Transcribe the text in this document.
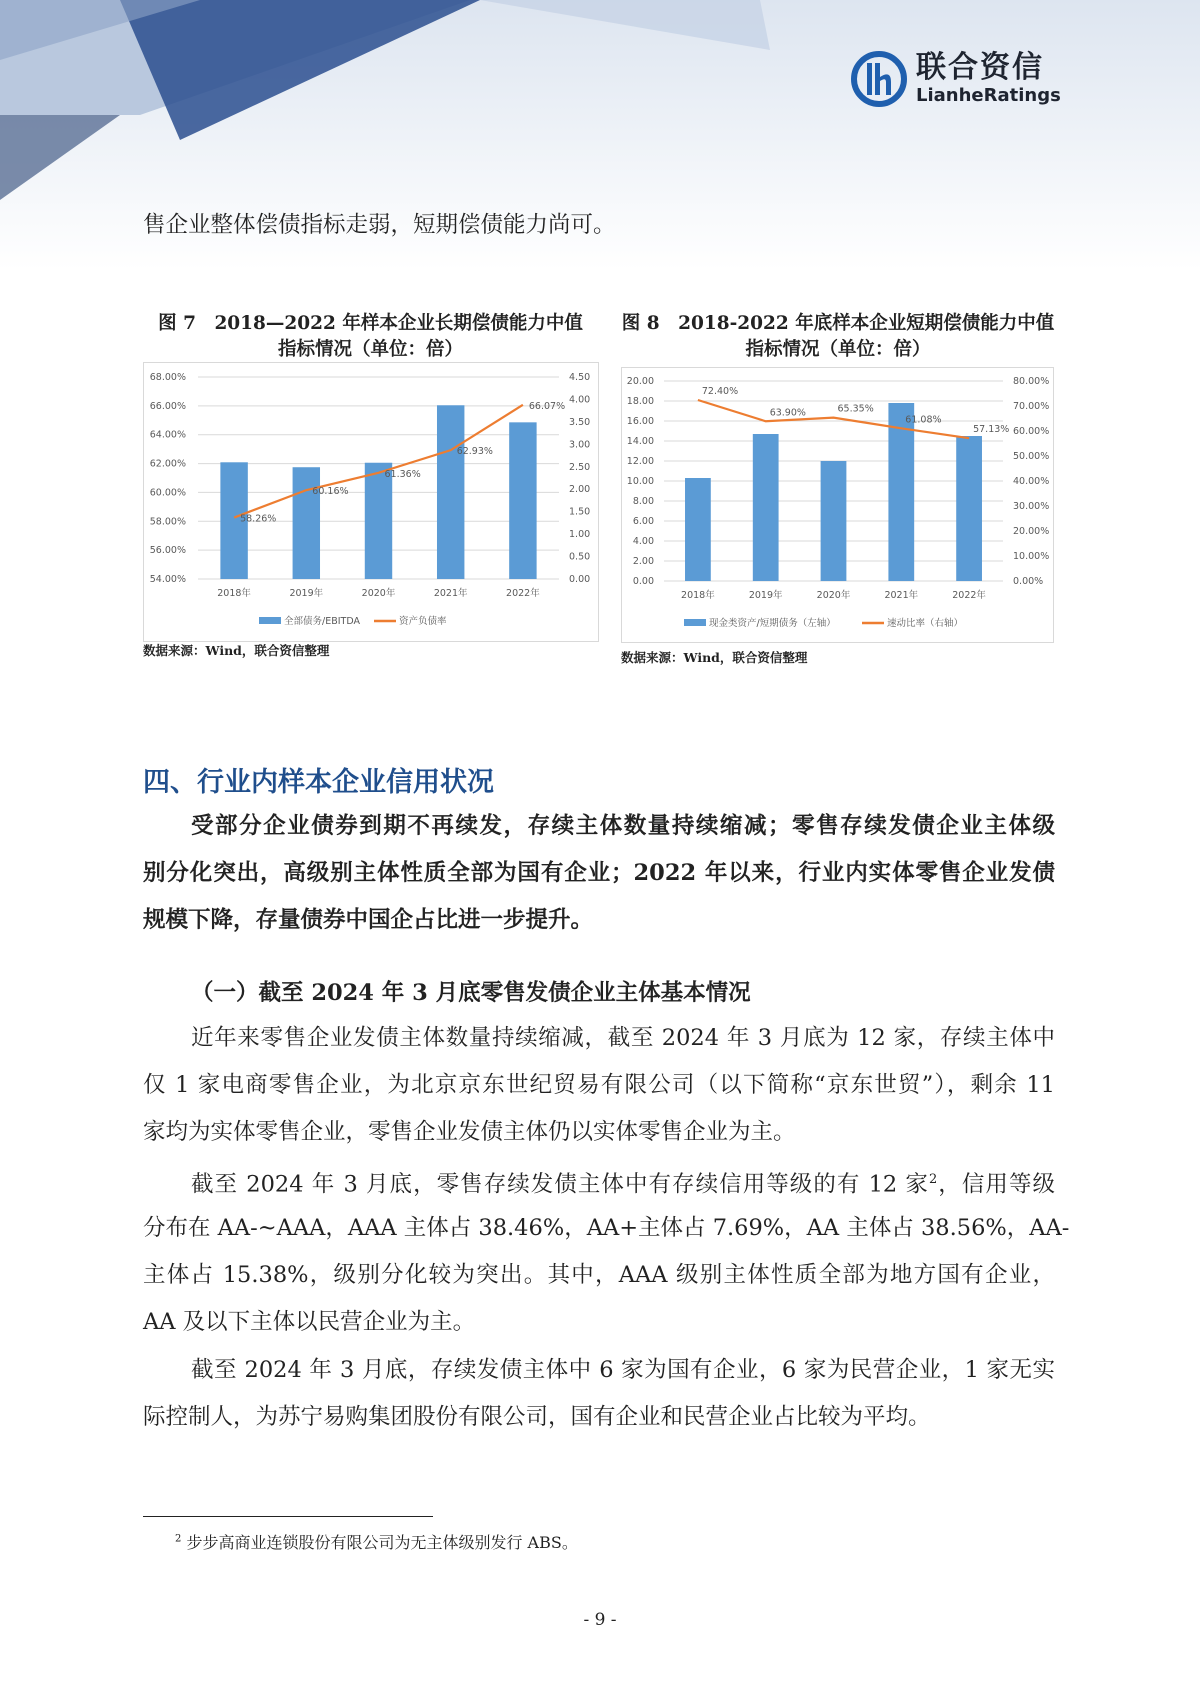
联合资信
LianheRatings
售企业整体偿债指标走弱，短期偿债能力尚可。
图 7　2018—2022 年样本企业长期偿债能力中值
指标情况（单位：倍）
图 8　2018-2022 年底样本企业短期偿债能力中值
指标情况（单位：倍）
54.00%
56.00%
58.00%
60.00%
62.00%
64.00%
66.00%
68.00%
0.00
0.50
1.00
1.50
2.00
2.50
3.00
3.50
4.00
4.50
2018年	2019年	2020年	2021年	2022年
58.26%
60.16%
61.36%
62.93%
66.07%
全部债务/EBITDA	资产负债率
0.00
2.00
4.00
6.00
8.00
10.00
12.00
14.00
16.00
18.00
20.00
0.00%
10.00%
20.00%
30.00%
40.00%
50.00%
60.00%
70.00%
80.00%
2018年	2019年	2020年	2021年	2022年
72.40%
63.90%	65.35%
61.08%
57.13%
现金类资产/短期债务（左轴）	速动比率（右轴）
数据来源：Wind，联合资信整理	数据来源：Wind，联合资信整理
四、行业内样本企业信用状况
受部分企业债券到期不再续发，存续主体数量持续缩减；零售存续发债企业主体级
别分化突出，高级别主体性质全部为国有企业；2022 年以来，行业内实体零售企业发债
规模下降，存量债券中国企占比进一步提升。
（一）截至 2024 年 3 月底零售发债企业主体基本情况
近年来零售企业发债主体数量持续缩减，截至 2024 年 3 月底为 12 家，存续主体中
仅 1 家电商零售企业，为北京京东世纪贸易有限公司（以下简称“京东世贸”），剩余 11
家均为实体零售企业，零售企业发债主体仍以实体零售企业为主。
截至 2024 年 3 月底，零售存续发债主体中有存续信用等级的有 12 家$^2$，信用等级
分布在 AA-~AAA，AAA 主体占 38.46%，AA+主体占 7.69%，AA 主体占 38.56%，AA-
主体占 15.38%，级别分化较为突出。其中，AAA 级别主体性质全部为地方国有企业，
AA 及以下主体以民营企业为主。
截至 2024 年 3 月底，存续发债主体中 6 家为国有企业，6 家为民营企业，1 家无实
际控制人，为苏宁易购集团股份有限公司，国有企业和民营企业占比较为平均。
$^2$ 步步高商业连锁股份有限公司为无主体级别发行 ABS。
- 9 -
